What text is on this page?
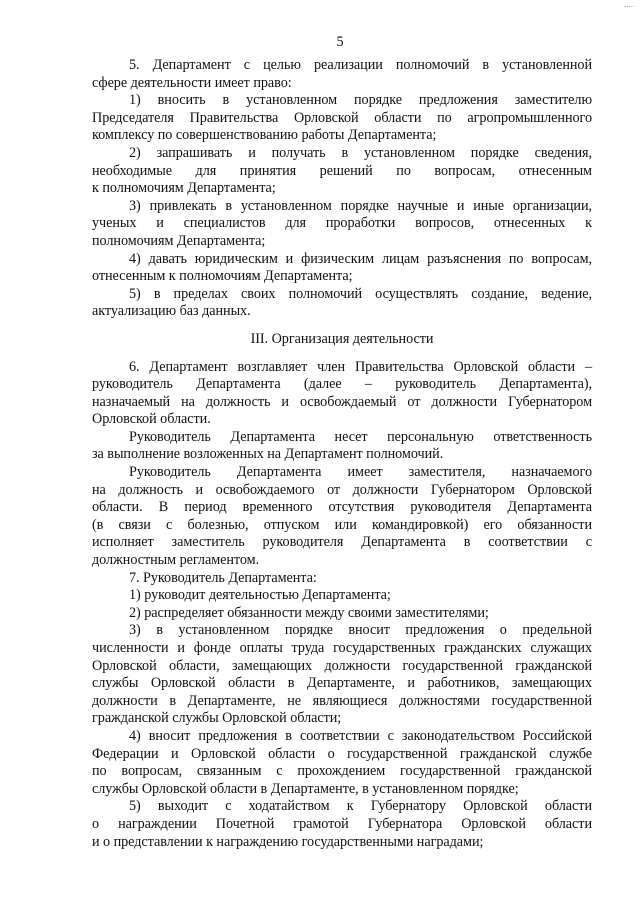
5
5. Департамент с целью реализации полномочий в установленной
сфере деятельности имеет право:
1) вносить в установленном порядке предложения заместителю
Председателя Правительства Орловской области по агропромышленного
комплексу по совершенствованию работы Департамента;
2) запрашивать и получать в установленном порядке сведения,
необходимые для принятия решений по вопросам, отнесенным
к полномочиям Департамента;
3) привлекать в установленном порядке научные и иные организации,
ученых и специалистов для проработки вопросов, отнесенных к
полномочиям Департамента;
4) давать юридическим и физическим лицам разъяснения по вопросам,
отнесенным к полномочиям Департамента;
5) в пределах своих полномочий осуществлять создание, ведение,
актуализацию баз данных.
III. Организация деятельности
6. Департамент возглавляет член Правительства Орловской области –
руководитель Департамента (далее – руководитель Департамента),
назначаемый на должность и освобождаемый от должности Губернатором
Орловской области.
Руководитель Департамента несет персональную ответственность
за выполнение возложенных на Департамент полномочий.
Руководитель Департамента имеет заместителя, назначаемого
на должность и освобождаемого от должности Губернатором Орловской
области. В период временного отсутствия руководителя Департамента
(в связи с болезнью, отпуском или командировкой) его обязанности
исполняет заместитель руководителя Департамента в соответствии с
должностным регламентом.
7. Руководитель Департамента:
1) руководит деятельностью Департамента;
2) распределяет обязанности между своими заместителями;
3) в установленном порядке вносит предложения о предельной
численности и фонде оплаты труда государственных гражданских служащих
Орловской области, замещающих должности государственной гражданской
службы Орловской области в Департаменте, и работников, замещающих
должности в Департаменте, не являющиеся должностями государственной
гражданской службы Орловской области;
4) вносит предложения в соответствии с законодательством Российской
Федерации и Орловской области о государственной гражданской службе
по вопросам, связанным с прохождением государственной гражданской
службы Орловской области в Департаменте, в установленном порядке;
5) выходит с ходатайством к Губернатору Орловской области
о награждении Почетной грамотой Губернатора Орловской области
и о представлении к награждению государственными наградами;
